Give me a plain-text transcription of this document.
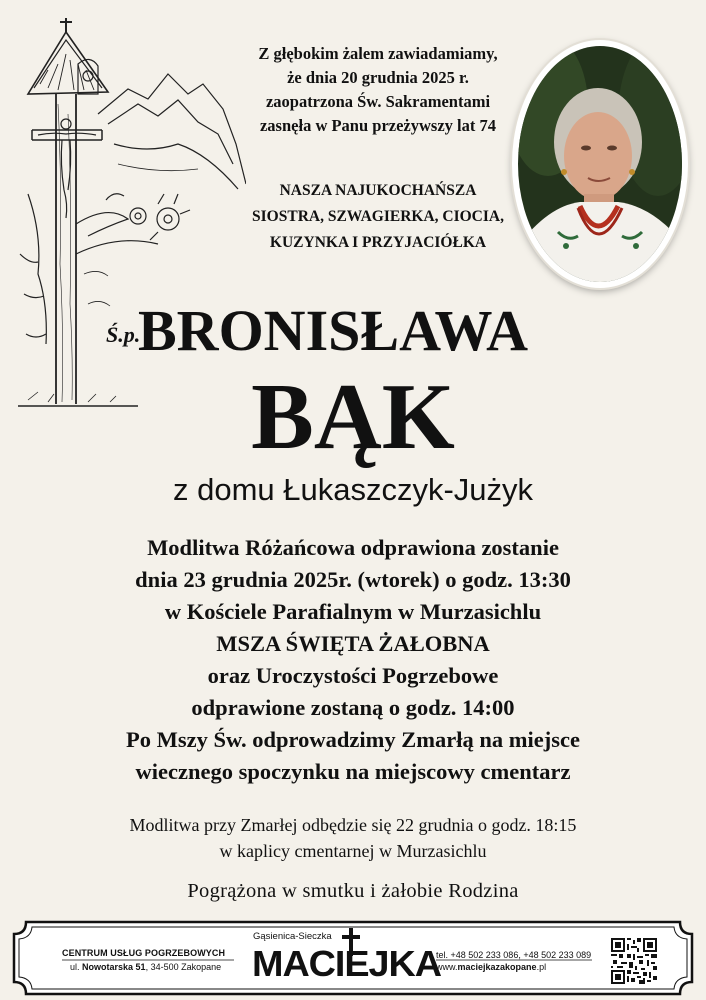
Z głębokim żalem zawiadamiamy,
że dnia 20 grudnia 2025 r.
zaopatrzona Św. Sakramentami
zasnęła w Panu przeżywszy lat 74
NASZA NAJUKOCHAŃSZA
SIOSTRA, SZWAGIERKA, CIOCIA,
KUZYNKA I PRZYJACIÓŁKA
Ś.p.
BRONISŁAWA
BĄK
z domu Łukaszczyk-Jużyk
Modlitwa Różańcowa odprawiona zostanie
dnia 23 grudnia 2025r. (wtorek) o godz. 13:30
w Kościele Parafialnym w Murzasichlu
MSZA ŚWIĘTA ŻAŁOBNA
oraz Uroczystości Pogrzebowe
odprawione zostaną o godz. 14:00
Po Mszy Św. odprowadzimy Zmarłą na miejsce
wiecznego spoczynku na miejscowy cmentarz
Modlitwa przy Zmarłej odbędzie się 22 grudnia o godz. 18:15
w kaplicy cmentarnej w Murzasichlu
Pogrążona w smutku i żałobie Rodzina
CENTRUM USŁUG POGRZEBOWYCH
ul. Nowotarska 51, 34-500 Zakopane
Gąsienica-Sieczka
MACIEJKA
tel. +48 502 233 086, +48 502 233 089
www.maciejkazakopane.pl
